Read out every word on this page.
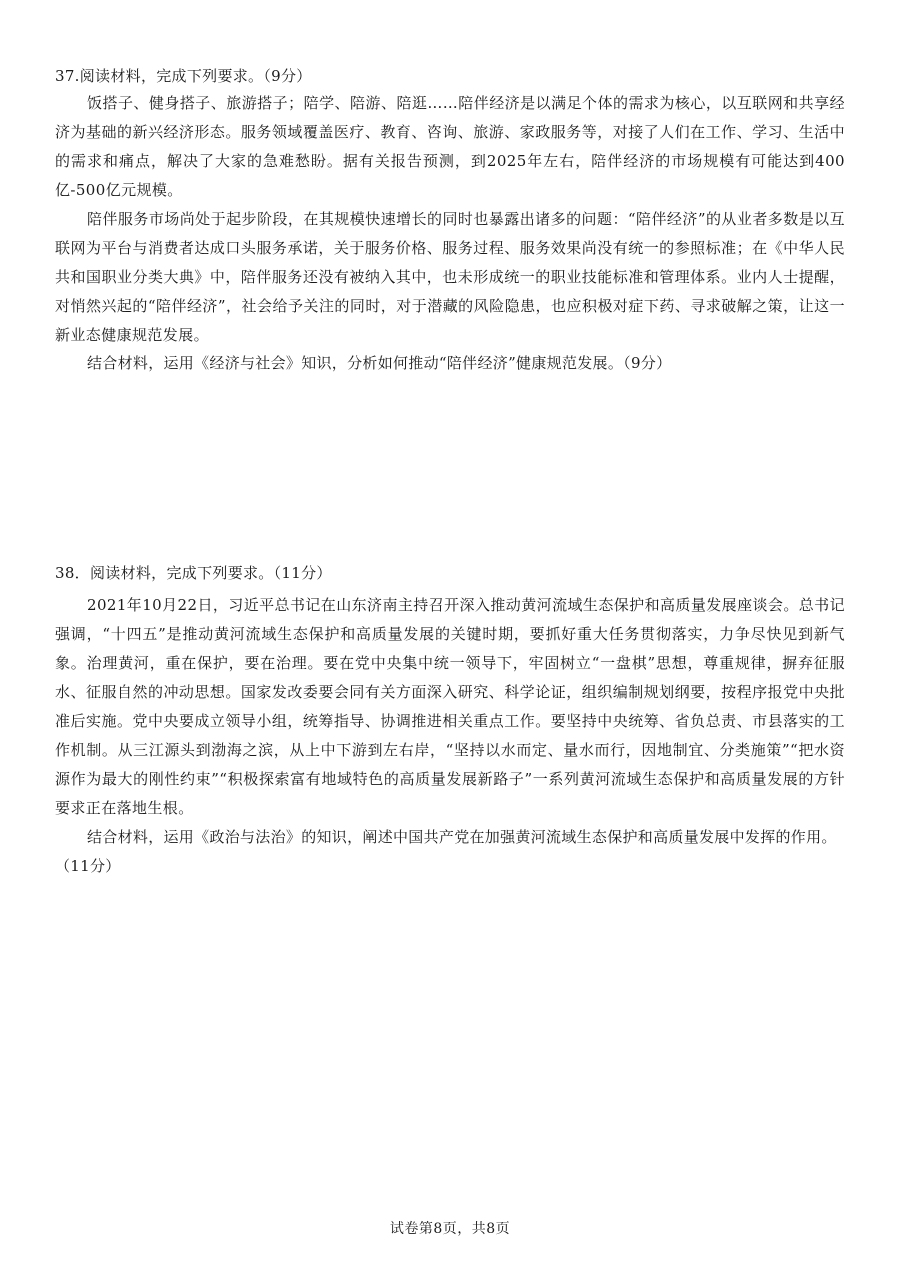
37.阅读材料，完成下列要求。（9分）
饭搭子、健身搭子、旅游搭子；陪学、陪游、陪逛……陪伴经济是以满足个体的需求为核心，以互联网和共享经济为基础的新兴经济形态。服务领域覆盖医疗、教育、咨询、旅游、家政服务等，对接了人们在工作、学习、生活中的需求和痛点，解决了大家的急难愁盼。据有关报告预测，到2025年左右，陪伴经济的市场规模有可能达到400亿-500亿元规模。
陪伴服务市场尚处于起步阶段，在其规模快速增长的同时也暴露出诸多的问题：“陪伴经济”的从业者多数是以互联网为平台与消费者达成口头服务承诺，关于服务价格、服务过程、服务效果尚没有统一的参照标准；在《中华人民共和国职业分类大典》中，陪伴服务还没有被纳入其中，也未形成统一的职业技能标准和管理体系。业内人士提醒，对悄然兴起的“陪伴经济”，社会给予关注的同时，对于潜藏的风险隐患，也应积极对症下药、寻求破解之策，让这一新业态健康规范发展。
结合材料，运用《经济与社会》知识，分析如何推动“陪伴经济”健康规范发展。（9分）
38．阅读材料，完成下列要求。（11分）
2021年10月22日，习近平总书记在山东济南主持召开深入推动黄河流域生态保护和高质量发展座谈会。总书记强调，“十四五”是推动黄河流域生态保护和高质量发展的关键时期，要抓好重大任务贯彻落实，力争尽快见到新气象。治理黄河，重在保护，要在治理。要在党中央集中统一领导下，牢固树立“一盘棋”思想，尊重规律，摒弃征服水、征服自然的冲动思想。国家发改委要会同有关方面深入研究、科学论证，组织编制规划纲要，按程序报党中央批准后实施。党中央要成立领导小组，统筹指导、协调推进相关重点工作。要坚持中央统筹、省负总责、市县落实的工作机制。从三江源头到渤海之滨，从上中下游到左右岸，“坚持以水而定、量水而行，因地制宜、分类施策”“把水资源作为最大的刚性约束”“积极探索富有地域特色的高质量发展新路子”一系列黄河流域生态保护和高质量发展的方针要求正在落地生根。
结合材料，运用《政治与法治》的知识，阐述中国共产党在加强黄河流域生态保护和高质量发展中发挥的作用。（11分）
试卷第8页，共8页
